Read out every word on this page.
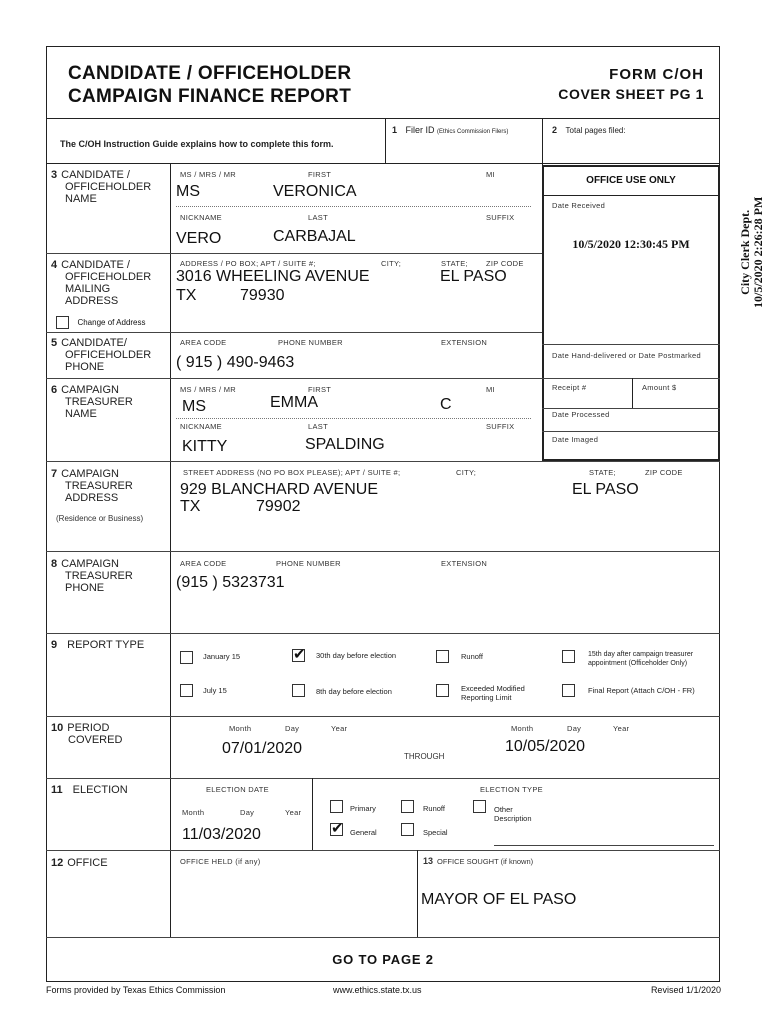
CANDIDATE / OFFICEHOLDER
CAMPAIGN FINANCE REPORT
FORM C/OH
COVER SHEET PG 1
The C/OH Instruction Guide explains how to complete this form.
1 Filer ID (Ethics Commission Filers)	2 Total pages filed:
3 CANDIDATE /
OFFICEHOLDER
NAME
MS / MRS / MR	FIRST	MI
MS	VERONICA
NICKNAME	LAST	SUFFIX
VERO	CARBAJAL
4 CANDIDATE /
OFFICEHOLDER
MAILING
ADDRESS
Change of Address
ADDRESS / PO BOX; APT / SUITE #;	CITY;	STATE; ZIP CODE
3016 WHEELING AVENUE	EL PASO
TX	79930
5 CANDIDATE/
OFFICEHOLDER
PHONE
AREA CODE	PHONE NUMBER	EXTENSION
( 915 ) 490-9463
OFFICE USE ONLY
Date Received
10/5/2020 12:30:45 PM
Date Hand-delivered or Date Postmarked
Receipt #	Amount $
Date Processed
Date Imaged
6 CAMPAIGN
TREASURER
NAME
MS / MRS / MR	FIRST	MI
MS	EMMA	C
NICKNAME	LAST	SUFFIX
KITTY	SPALDING
7 CAMPAIGN
TREASURER
ADDRESS
(Residence or Business)
STREET ADDRESS (NO PO BOX PLEASE); APT / SUITE #;	CITY;	STATE;	ZIP CODE
929 BLANCHARD AVENUE	EL PASO
TX	79902
8 CAMPAIGN
TREASURER
PHONE
AREA CODE	PHONE NUMBER	EXTENSION
(915 ) 5323731
9 REPORT TYPE
January 15
✔	30th day before election	Runoff	15th day after campaign treasurer appointment (Officeholder Only)
July 15	8th day before election	Exceeded Modified Reporting Limit
Final Report (Attach C/OH - FR)
10 PERIOD
COVERED
Month	Day	Year
07/01/2020	THROUGH
Month	Day	Year
10/05/2020
11 ELECTION	ELECTION DATE
Month	Day	Year
11/03/2020
ELECTION TYPE
Primary	Runoff	Other Description
✔
General	Special
12 OFFICE	OFFICE HELD (if any)	13 OFFICE SOUGHT (if known)
MAYOR OF EL PASO
GO TO PAGE 2
Forms provided by Texas Ethics Commission	www.ethics.state.tx.us	Revised 1/1/2020
City Clerk Dept. 10/5/2020 2:26:28 PM
